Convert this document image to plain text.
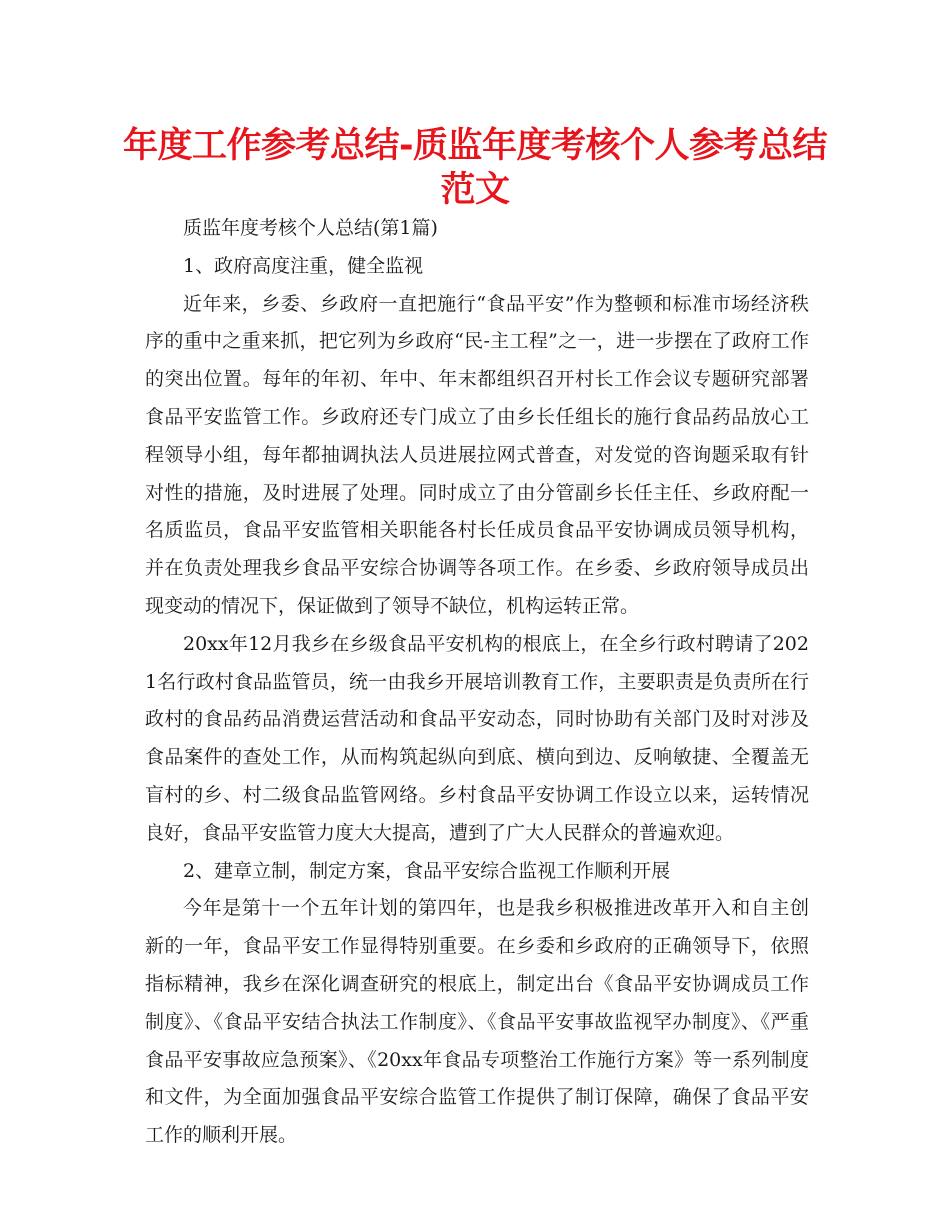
年度工作参考总结-质监年度考核个人参考总结
范文

质监年度考核个人总结(第1篇)

1、政府高度注重，健全监视

近年来，乡委、乡政府一直把施行“食品平安”作为整顿和标准市场经济秩序的重中之重来抓，把它列为乡政府“民-主工程”之一，进一步摆在了政府工作的突出位置。每年的年初、年中、年末都组织召开村长工作会议专题研究部署食品平安监管工作。乡政府还专门成立了由乡长任组长的施行食品药品放心工程领导小组，每年都抽调执法人员进展拉网式普查，对发觉的咨询题采取有针对性的措施，及时进展了处理。同时成立了由分管副乡长任主任、乡政府配一名质监员，食品平安监管相关职能各村长任成员食品平安协调成员领导机构，并在负责处理我乡食品平安综合协调等各项工作。在乡委、乡政府领导成员出现变动的情况下，保证做到了领导不缺位，机构运转正常。

20xx年12月我乡在乡级食品平安机构的根底上，在全乡行政村聘请了2021名行政村食品监管员，统一由我乡开展培训教育工作，主要职责是负责所在行政村的食品药品消费运营活动和食品平安动态，同时协助有关部门及时对涉及食品案件的查处工作，从而构筑起纵向到底、横向到边、反响敏捷、全覆盖无盲村的乡、村二级食品监管网络。乡村食品平安协调工作设立以来，运转情况良好，食品平安监管力度大大提高，遭到了广大人民群众的普遍欢迎。

2、建章立制，制定方案，食品平安综合监视工作顺利开展

今年是第十一个五年计划的第四年，也是我乡积极推进改革开入和自主创新的一年，食品平安工作显得特别重要。在乡委和乡政府的正确领导下，依照指标精神，我乡在深化调查研究的根底上，制定出台《食品平安协调成员工作制度》、《食品平安结合执法工作制度》、《食品平安事故监视罕办制度》、《严重食品平安事故应急预案》、《20xx年食品专项整治工作施行方案》等一系列制度和文件，为全面加强食品平安综合监管工作提供了制订保障，确保了食品平安工作的顺利开展。
